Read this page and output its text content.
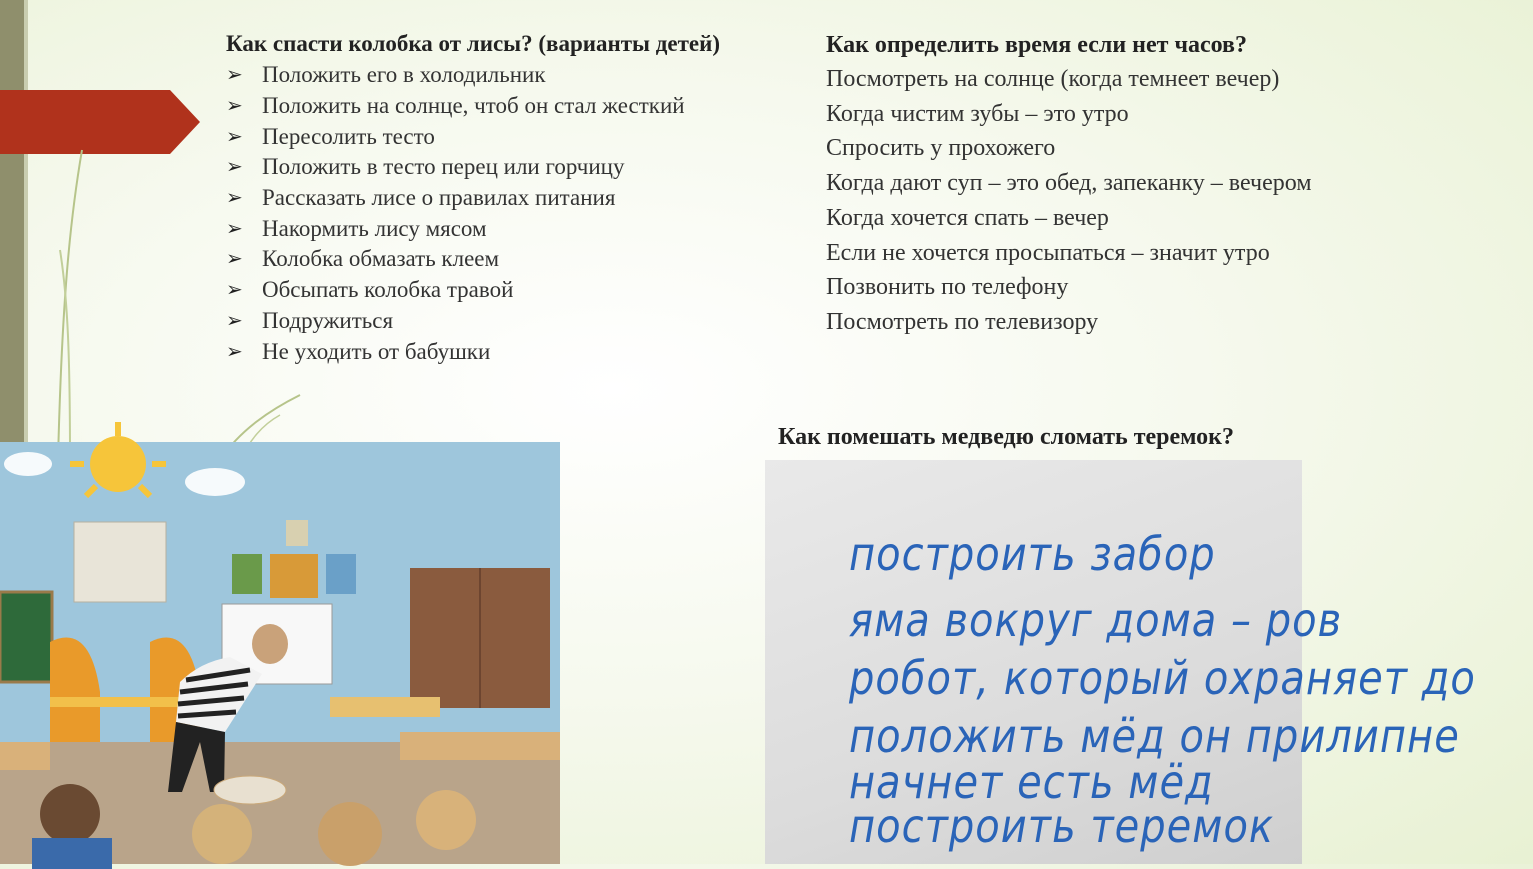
Как спасти колобка от лисы? (варианты детей)
➢ Положить его в холодильник
➢ Положить на солнце, чтоб он стал жесткий
➢ Пересолить тесто
➢ Положить в тесто перец или горчицу
➢ Рассказать лисе о правилах питания
➢ Накормить лису мясом
➢ Колобка обмазать клеем
➢ Обсыпать колобка травой
➢ Подружиться
➢ Не уходить от бабушки
Как определить время если нет часов?
Посмотреть на солнце (когда темнеет вечер)
Когда чистим зубы – это утро
Спросить у прохожего
Когда дают суп – это обед, запеканку – вечером
Когда хочется спать – вечер
Если не хочется просыпаться – значит утро
Позвонить по телефону
Посмотреть по телевизору
Как помешать медведю сломать теремок?
построить забор
яма вокруг дома – ров
робот, который охраняет до
положить мёд он прилипне
начнет есть мёд
построить теремок
